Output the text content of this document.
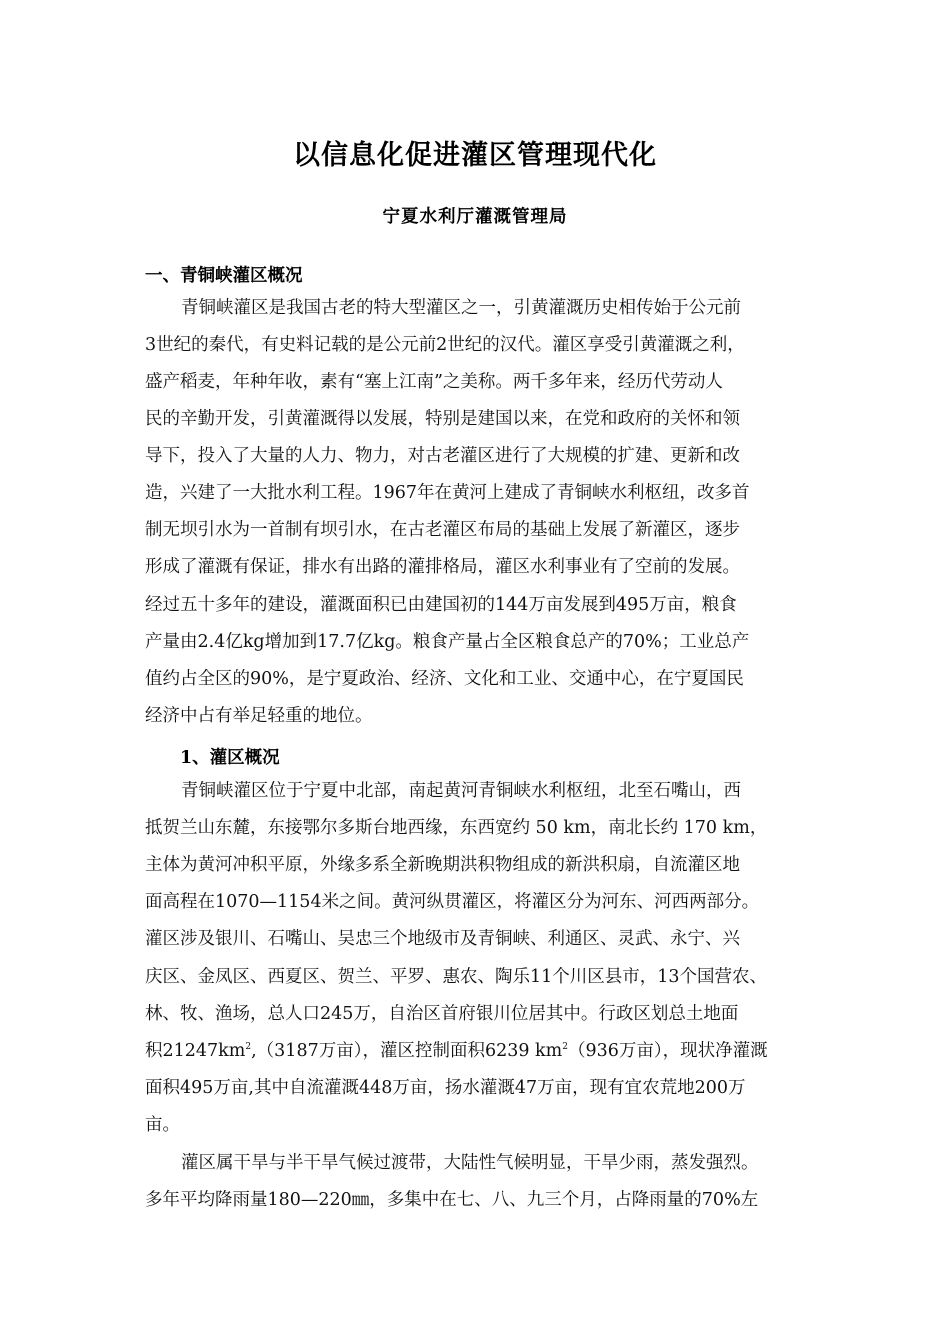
以信息化促进灌区管理现代化
宁夏水利厅灌溉管理局
一、青铜峡灌区概况
青铜峡灌区是我国古老的特大型灌区之一，引黄灌溉历史相传始于公元前
3世纪的秦代，有史料记载的是公元前2世纪的汉代。灌区享受引黄灌溉之利，
盛产稻麦，年种年收，素有“塞上江南”之美称。两千多年来，经历代劳动人
民的辛勤开发，引黄灌溉得以发展，特别是建国以来，在党和政府的关怀和领
导下，投入了大量的人力、物力，对古老灌区进行了大规模的扩建、更新和改
造，兴建了一大批水利工程。1967年在黄河上建成了青铜峡水利枢纽，改多首
制无坝引水为一首制有坝引水，在古老灌区布局的基础上发展了新灌区，逐步
形成了灌溉有保证，排水有出路的灌排格局，灌区水利事业有了空前的发展。
经过五十多年的建设，灌溉面积已由建国初的144万亩发展到495万亩，粮食
产量由2.4亿kg增加到17.7亿kg。粮食产量占全区粮食总产的70%；工业总产
值约占全区的90%，是宁夏政治、经济、文化和工业、交通中心，在宁夏国民
经济中占有举足轻重的地位。
1、灌区概况
青铜峡灌区位于宁夏中北部，南起黄河青铜峡水利枢纽，北至石嘴山，西
抵贺兰山东麓，东接鄂尔多斯台地西缘，东西宽约 50 km，南北长约 170 km，
主体为黄河冲积平原，外缘多系全新晚期洪积物组成的新洪积扇，自流灌区地
面高程在1070—1154米之间。黄河纵贯灌区，将灌区分为河东、河西两部分。
灌区涉及银川、石嘴山、吴忠三个地级市及青铜峡、利通区、灵武、永宁、兴
庆区、金凤区、西夏区、贺兰、平罗、惠农、陶乐11个川区县市，13个国营农、
林、牧、渔场，总人口245万，自治区首府银川位居其中。行政区划总土地面
积$21247km^2,(3187$万亩），灌区控制面积6239 $km^2(936$万亩），现状净灌溉
面积495万亩,其中自流灌溉448万亩，扬水灌溉47万亩，现有宜农荒地200万
亩。
灌区属干旱与半干旱气候过渡带，大陆性气候明显，干旱少雨，蒸发强烈。
多年平均降雨量180—220㎜，多集中在七、八、九三个月，占降雨量的70%左
